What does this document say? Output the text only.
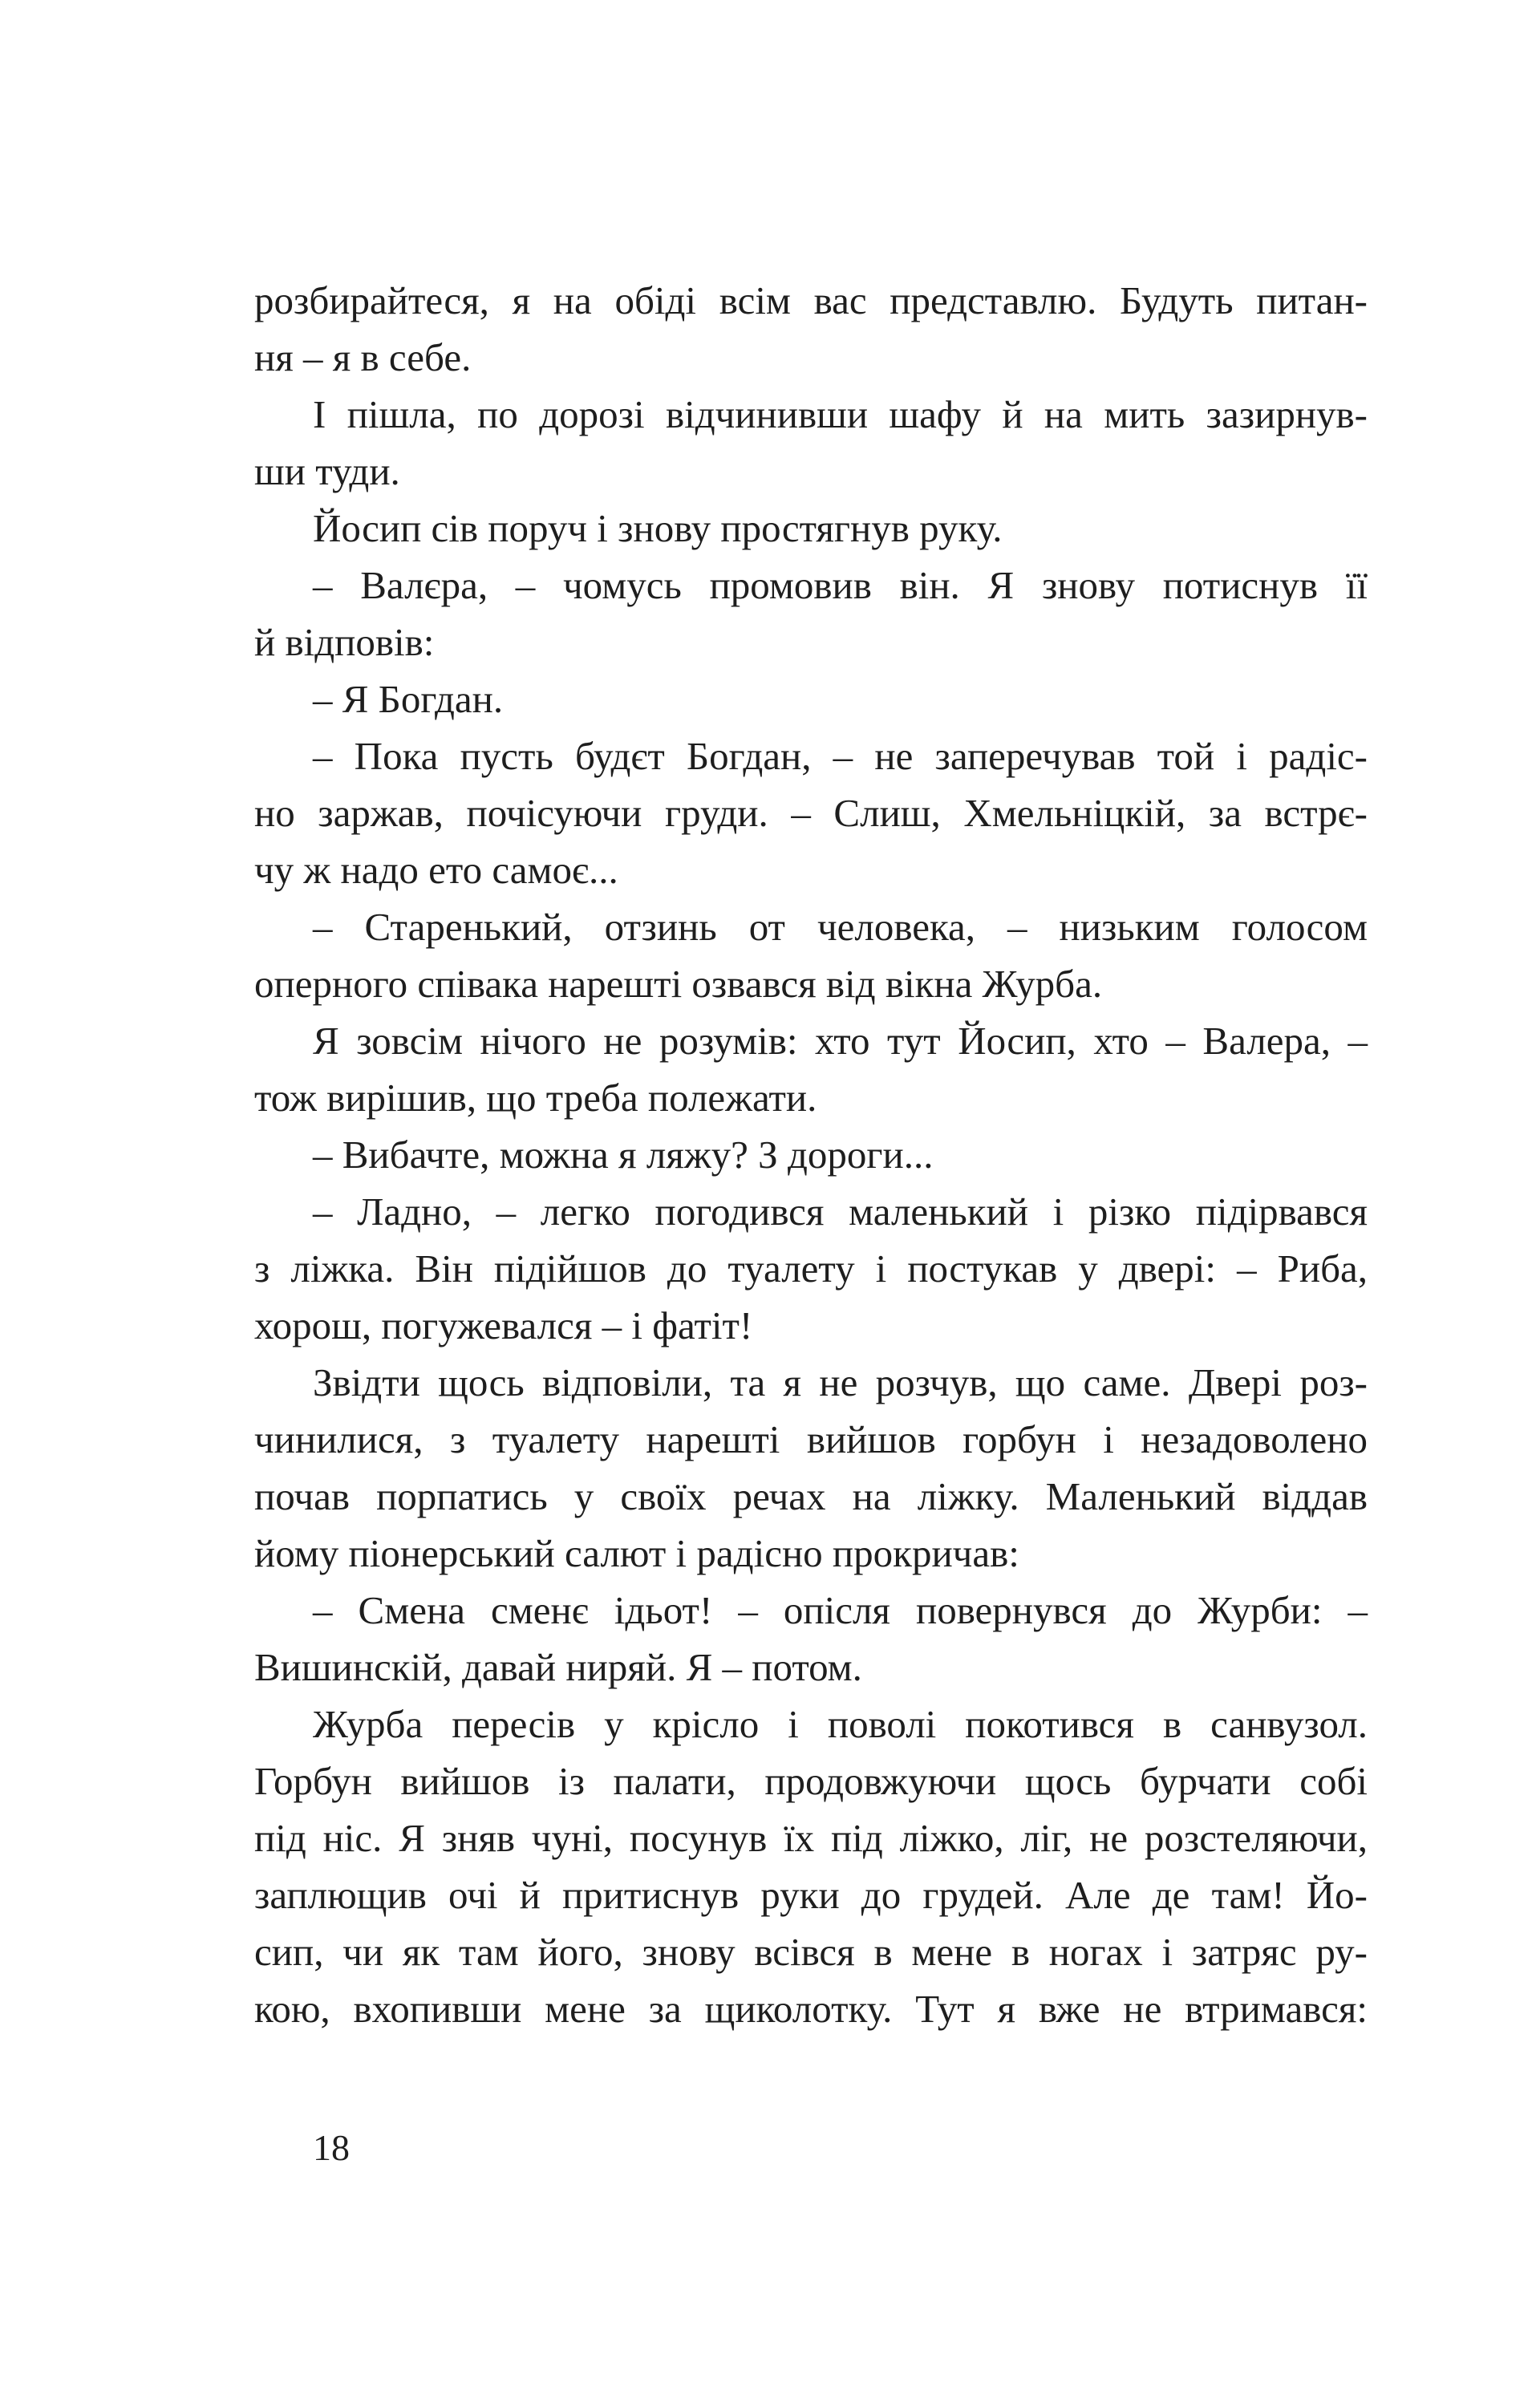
розбирайтеся, я на обіді всім вас представлю. Будуть питан-
ня – я в себе.
І пішла, по дорозі відчинивши шафу й на мить зазирнув-
ши туди.
Йосип сів поруч і знову простягнув руку.
– Валєра, – чомусь промовив він. Я знову потиснув її
й відповів:
– Я Богдан.
– Пока пусть будєт Богдан, – не заперечував той і радіс-
но заржав, почісуючи груди. – Слиш, Хмельніцкій, за встрє-
чу ж надо ето самоє...
– Старенький, отзинь от человека, – низьким голосом
оперного співака нарешті озвався від вікна Журба.
Я зовсім нічого не розумів: хто тут Йосип, хто – Валера, –
тож вирішив, що треба полежати.
– Вибачте, можна я ляжу? З дороги...
– Ладно, – легко погодився маленький і різко підірвався
з ліжка. Він підійшов до туалету і постукав у двері: – Риба,
хорош, погужевался – і фатіт!
Звідти щось відповіли, та я не розчув, що саме. Двері роз-
чинилися, з туалету нарешті вийшов горбун і незадоволено
почав порпатись у своїх речах на ліжку. Маленький віддав
йому піонерський салют і радісно прокричав:
– Смена сменє ідьот! – опісля повернувся до Журби: –
Вишинскій, давай ниряй. Я – потом.
Журба пересів у крісло і поволі покотився в санвузол.
Горбун вийшов із палати, продовжуючи щось бурчати собі
під ніс. Я зняв чуні, посунув їх під ліжко, ліг, не розстеляючи,
заплющив очі й притиснув руки до грудей. Але де там! Йо-
сип, чи як там його, знову всівся в мене в ногах і затряс ру-
кою, вхопивши мене за щиколотку. Тут я вже не втримався:
18
